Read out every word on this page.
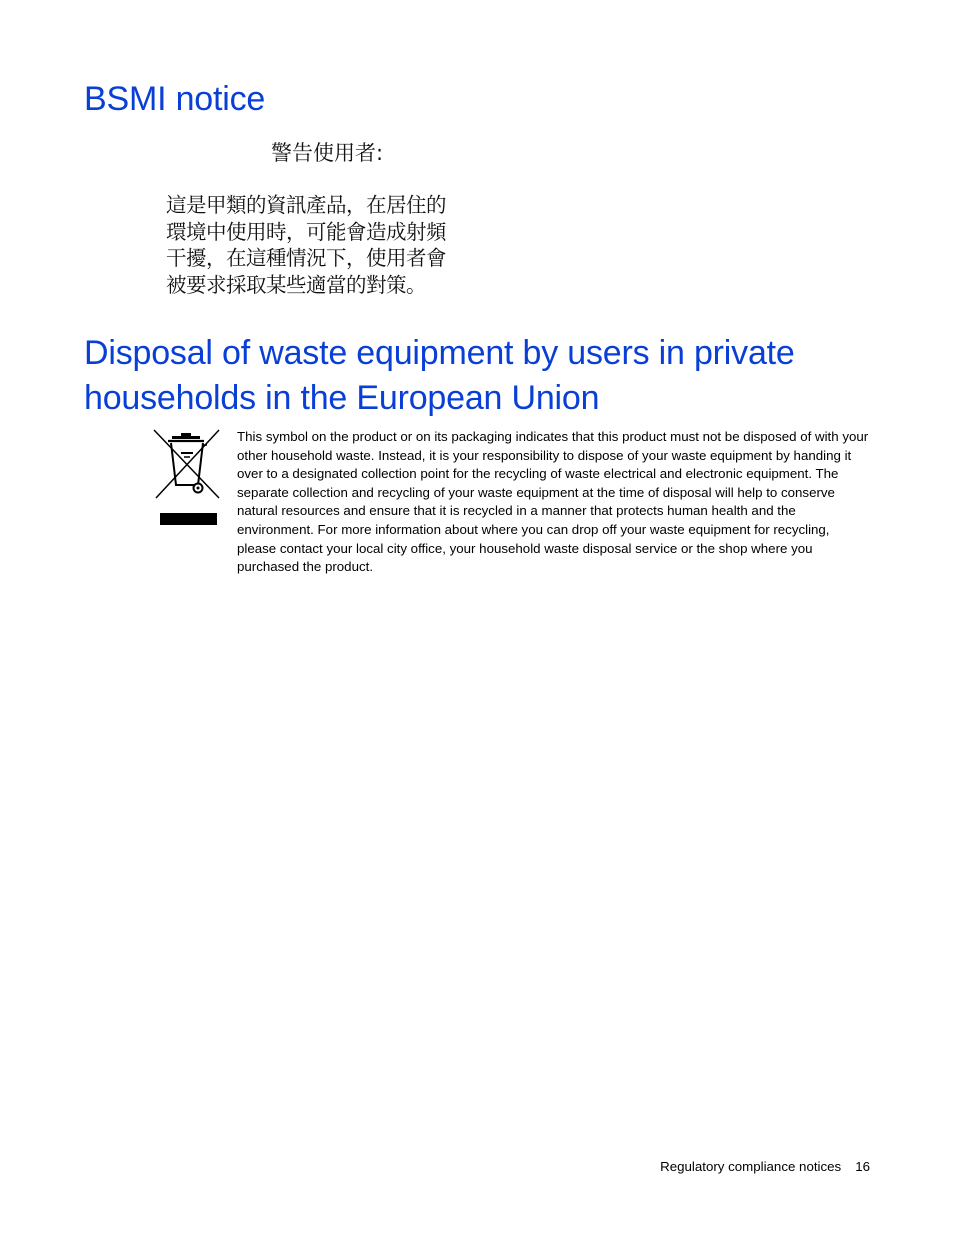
BSMI notice
警告使用者:
這是甲類的資訊產品，在居住的
環境中使用時，可能會造成射頻
干擾，在這種情況下，使用者會
被要求採取某些適當的對策。
Disposal of waste equipment by users in private households in the European Union

This symbol on the product or on its packaging indicates that this product must not be disposed of with your other household waste. Instead, it is your responsibility to dispose of your waste equipment by handing it over to a designated collection point for the recycling of waste electrical and electronic equipment. The separate collection and recycling of your waste equipment at the time of disposal will help to conserve natural resources and ensure that it is recycled in a manner that protects human health and the environment. For more information about where you can drop off your waste equipment for recycling, please contact your local city office, your household waste disposal service or the shop where you purchased the product.

Regulatory compliance notices 16
